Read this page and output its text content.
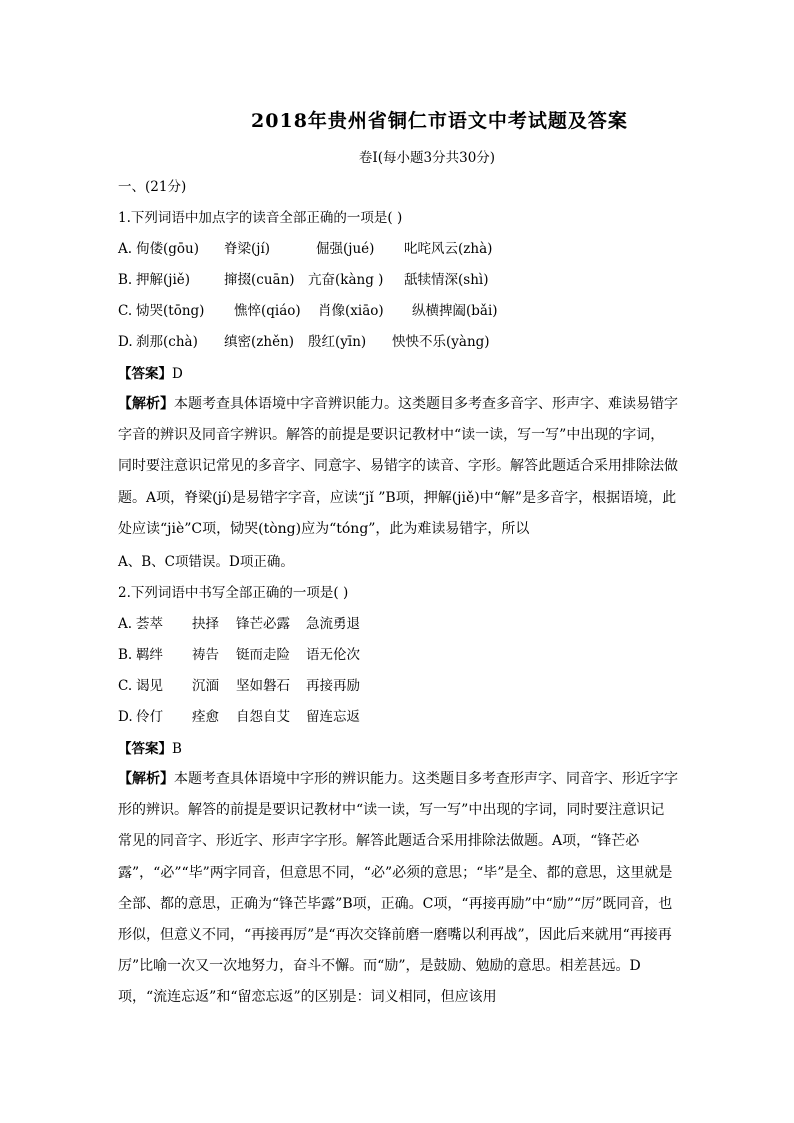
2018年贵州省铜仁市语文中考试题及答案
卷Ⅰ(每小题3分共30分)
一、(21分)
1.下列词语中加点字的读音全部正确的一项是( )
A. 佝偻(gōu) 脊梁(jí)	倔强(jué) 叱咤风云(zhà)
B. 押解(jiě)	撺掇(cuān) 亢奋(kàng ) 舐犊情深(shì)
C. 恸哭(tōng) 憔悴(qiáo) 肖像(xiāo) 纵横捭阖(bǎi)
D. 刹那(chà) 缜密(zhěn) 殷红(yīn) 怏怏不乐(yàng)
【答案】D
【解析】本题考查具体语境中字音辨识能力。这类题目多考查多音字、形声字、难读易错字字音的辨识及同音字辨识。解答的前提是要识记教材中“读一读，写一写”中出现的字词，同时要注意识记常见的多音字、同意字、易错字的读音、字形。解答此题适合采用排除法做题。A项，脊梁(jí)是易错字字音，应读“jǐ ”B项，押解(jiě)中“解”是多音字，根据语境，此处应读“jiè”C项，恸哭(tòng)应为“tóng”，此为难读易错字，所以
A、B、C项错误。D项正确。
2.下列词语中书写全部正确的一项是( )
A. 荟萃 抉择 锋芒必露 急流勇退
B. 羁绊 祷告 铤而走险 语无伦次
C. 谒见 沉湎 坚如磐石 再接再励
D. 伶仃 痊愈 自怨自艾 留连忘返
【答案】B
【解析】本题考查具体语境中字形的辨识能力。这类题目多考查形声字、同音字、形近字字形的辨识。解答的前提是要识记教材中“读一读，写一写”中出现的字词，同时要注意识记常见的同音字、形近字、形声字字形。解答此题适合采用排除法做题。A项，“锋芒必露”，“必”“毕”两字同音，但意思不同，“必”必须的意思；“毕”是全、都的意思，这里就是全部、都的意思，正确为“锋芒毕露”B项，正确。C项，“再接再励”中“励”“厉”既同音，也形似，但意义不同，“再接再厉”是“再次交锋前磨一磨嘴以利再战”，因此后来就用“再接再厉”比喻一次又一次地努力，奋斗不懈。而“励”，是鼓励、勉励的意思。相差甚远。D项，“流连忘返”和“留恋忘返”的区别是：词义相同，但应该用
